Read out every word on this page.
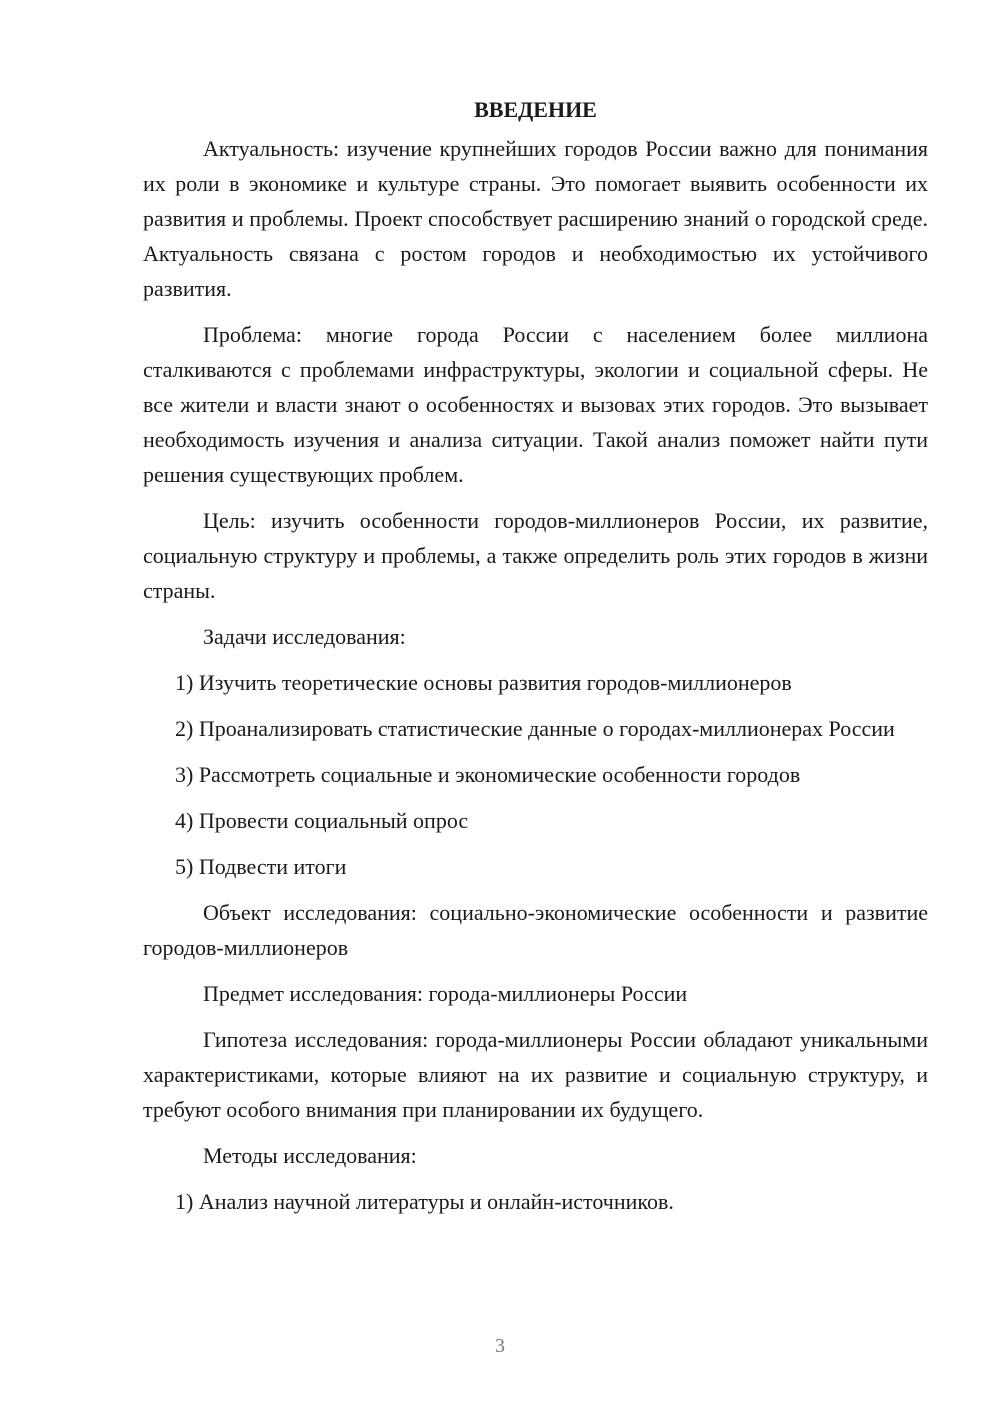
ВВЕДЕНИЕ

Актуальность: изучение крупнейших городов России важно для понимания их роли в экономике и культуре страны. Это помогает выявить особенности их развития и проблемы. Проект способствует расширению знаний о городской среде. Актуальность связана с ростом городов и необходимостью их устойчивого развития.

Проблема: многие города России с населением более миллиона сталкиваются с проблемами инфраструктуры, экологии и социальной сферы. Не все жители и власти знают о особенностях и вызовах этих городов. Это вызывает необходимость изучения и анализа ситуации. Такой анализ поможет найти пути решения существующих проблем.

Цель: изучить особенности городов-миллионеров России, их развитие, социальную структуру и проблемы, а также определить роль этих городов в жизни страны.

Задачи исследования:

1) Изучить теоретические основы развития городов-миллионеров

2) Проанализировать статистические данные о городах-миллионерах России

3) Рассмотреть социальные и экономические особенности городов

4) Провести социальный опрос

5) Подвести итоги

Объект исследования: социально-экономические особенности и развитие городов-миллионеров

Предмет исследования: города-миллионеры России

Гипотеза исследования: города-миллионеры России обладают уникальными характеристиками, которые влияют на их развитие и социальную структуру, и требуют особого внимания при планировании их будущего.

Методы исследования:

1) Анализ научной литературы и онлайн-источников.

3
